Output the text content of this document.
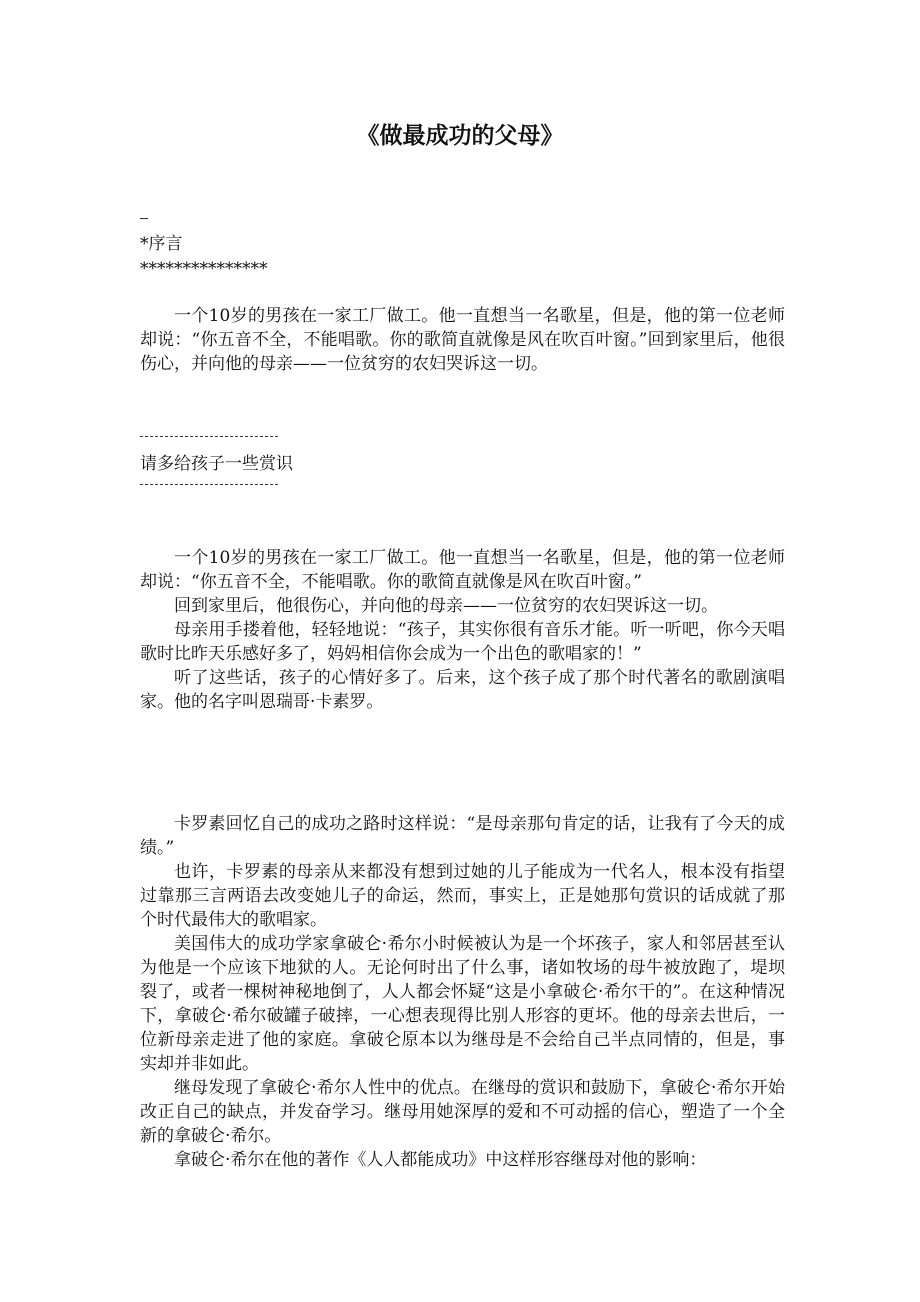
《做最成功的父母》
*序言
***************

一个10岁的男孩在一家工厂做工。他一直想当一名歌星，但是，他的第一位老师却说：“你五音不全，不能唱歌。你的歌简直就像是风在吹百叶窗。”回到家里后，他很伤心，并向他的母亲——一位贫穷的农妇哭诉这一切。

请多给孩子一些赏识

一个10岁的男孩在一家工厂做工。他一直想当一名歌星，但是，他的第一位老师却说：“你五音不全，不能唱歌。你的歌简直就像是风在吹百叶窗。”

回到家里后，他很伤心，并向他的母亲——一位贫穷的农妇哭诉这一切。

母亲用手搂着他，轻轻地说：“孩子，其实你很有音乐才能。听一听吧，你今天唱歌时比昨天乐感好多了，妈妈相信你会成为一个出色的歌唱家的！”

听了这些话，孩子的心情好多了。后来，这个孩子成了那个时代著名的歌剧演唱家。他的名字叫恩瑞哥·卡素罗。

卡罗素回忆自己的成功之路时这样说：“是母亲那句肯定的话，让我有了今天的成绩。”

也许，卡罗素的母亲从来都没有想到过她的儿子能成为一代名人，根本没有指望过靠那三言两语去改变她儿子的命运，然而，事实上，正是她那句赏识的话成就了那个时代最伟大的歌唱家。

美国伟大的成功学家拿破仑·希尔小时候被认为是一个坏孩子，家人和邻居甚至认为他是一个应该下地狱的人。无论何时出了什么事，诸如牧场的母牛被放跑了，堤坝裂了，或者一棵树神秘地倒了，人人都会怀疑“这是小拿破仑·希尔干的”。在这种情况下，拿破仑·希尔破罐子破摔，一心想表现得比别人形容的更坏。他的母亲去世后，一位新母亲走进了他的家庭。拿破仑原本以为继母是不会给自己半点同情的，但是，事实却并非如此。

继母发现了拿破仑·希尔人性中的优点。在继母的赏识和鼓励下，拿破仑·希尔开始改正自己的缺点，并发奋学习。继母用她深厚的爱和不可动摇的信心，塑造了一个全新的拿破仑·希尔。

拿破仑·希尔在他的著作《人人都能成功》中这样形容继母对他的影响：
